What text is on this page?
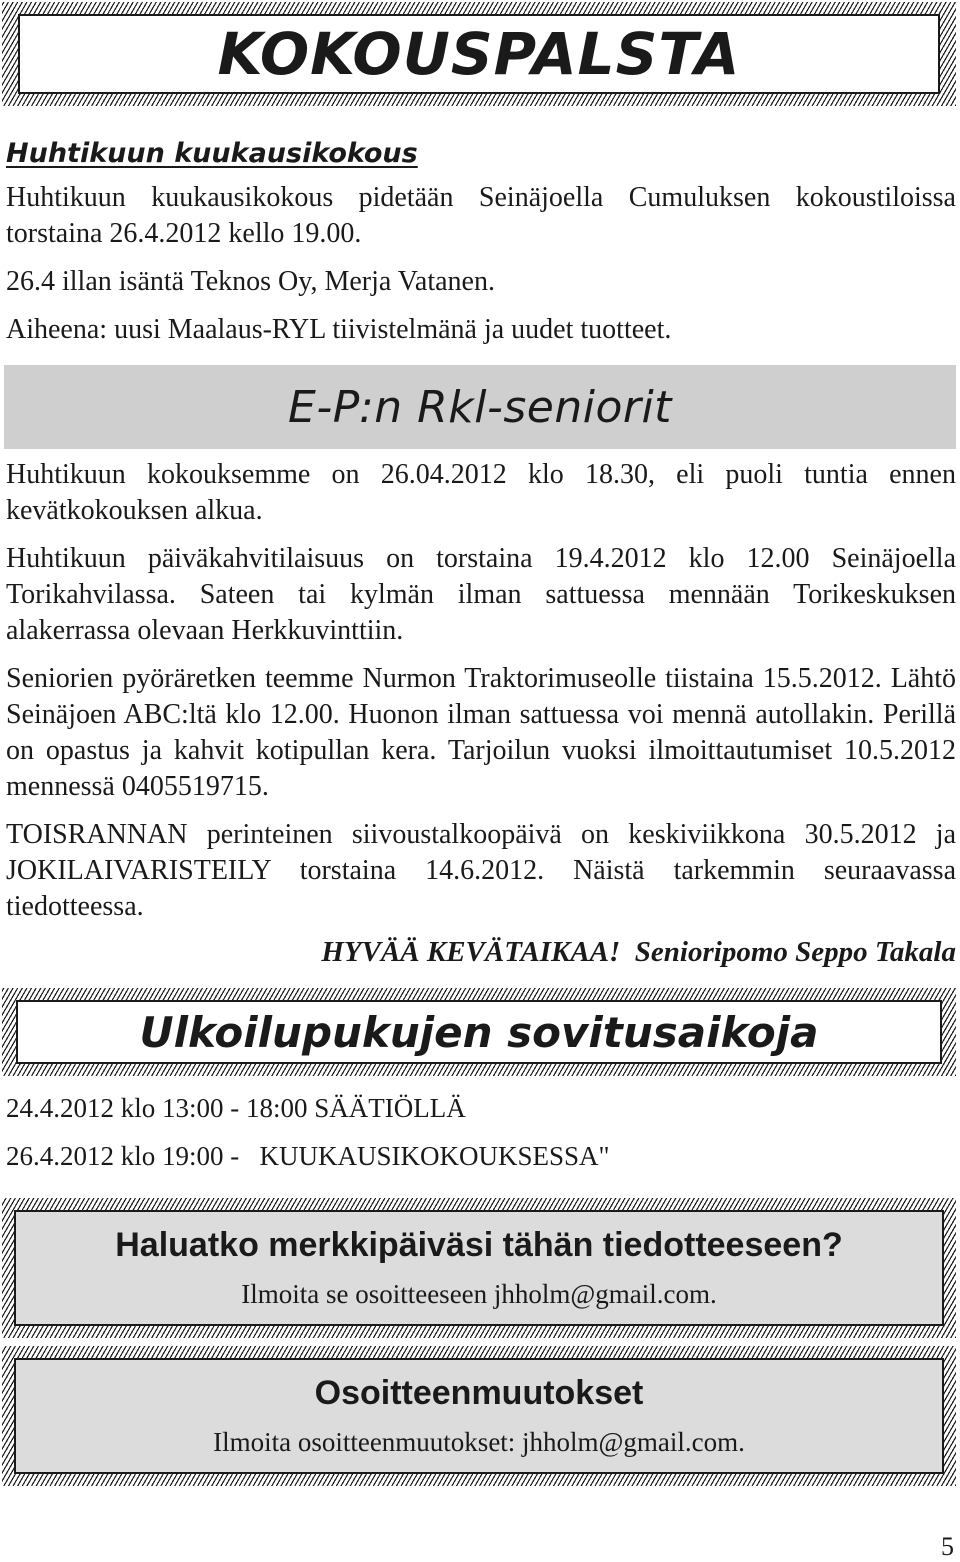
KOKOUSPALSTA
Huhtikuun kuukausikokous

Huhtikuun kuukausikokous pidetään Seinäjoella Cumuluksen kokoustiloissa torstaina 26.4.2012 kello 19.00.

26.4 illan isäntä Teknos Oy, Merja Vatanen.

Aiheena: uusi Maalaus-RYL tiivistelmänä ja uudet tuotteet.

E-P:n Rkl-seniorit

Huhtikuun kokouksemme on 26.04.2012 klo 18.30, eli puoli tuntia ennen kevätkokouksen alkua.

Huhtikuun päiväkahvitilaisuus on torstaina 19.4.2012 klo 12.00 Seinäjoella Torikahvilassa. Sateen tai kylmän ilman sattuessa mennään Torikeskuksen alakerrassa olevaan Herkkuvinttiin.

Seniorien pyöräretken teemme Nurmon Traktorimuseolle tiistaina 15.5.2012. Lähtö Seinäjoen ABC:ltä klo 12.00. Huonon ilman sattuessa voi mennä autollakin. Perillä on opastus ja kahvit kotipullan kera. Tarjoilun vuoksi ilmoittautumiset 10.5.2012 mennessä 0405519715.

TOISRANNAN perinteinen siivoustalkoopäivä on keskiviikkona 30.5.2012 ja JOKILAIVARISTEILY torstaina 14.6.2012. Näistä tarkemmin seuraavassa tiedotteessa.

HYVÄÄ KEVÄTAIKAA! Senioripomo Seppo Takala
Ulkoilupukujen sovitusaikoja

24.4.2012 klo 13:00 - 18:00 SÄÄTIÖLLÄ

26.4.2012 klo 19:00 -   KUUKAUSIKOKOUKSESSA"

Haluatko merkkipäiväsi tähän tiedotteeseen?
Ilmoita se osoitteeseen jhholm@gmail.com.
Osoitteenmuutokset
Ilmoita osoitteenmuutokset: jhholm@gmail.com.
5
